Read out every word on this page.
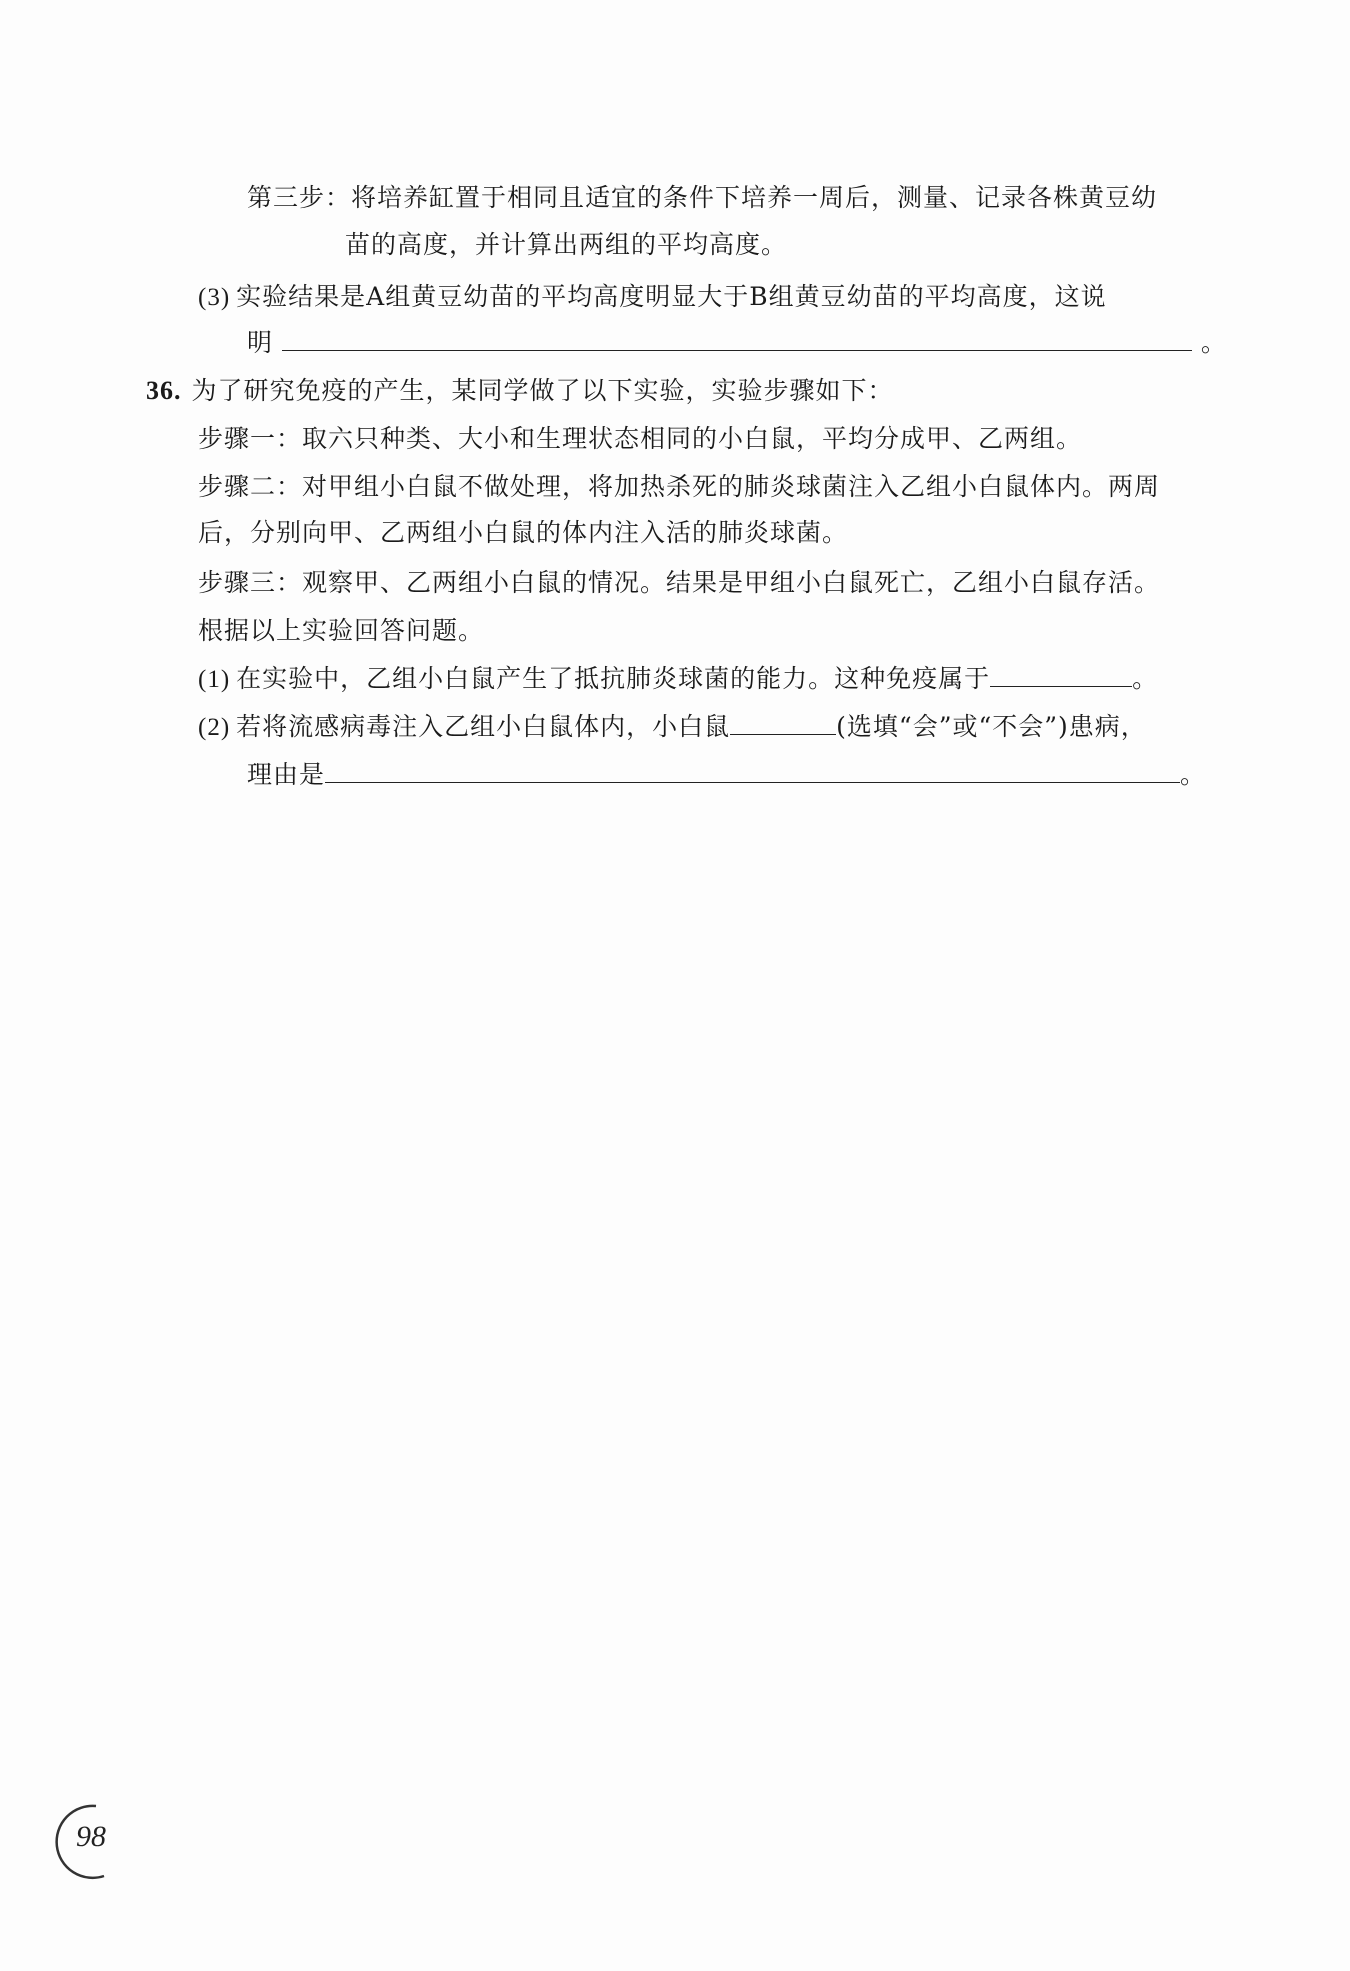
第三步：将培养缸置于相同且适宜的条件下培养一周后，测量、记录各株黄豆幼
苗的高度，并计算出两组的平均高度。
(3) 实验结果是A组黄豆幼苗的平均高度明显大于B组黄豆幼苗的平均高度，这说
明	。
36. 为了研究免疫的产生，某同学做了以下实验，实验步骤如下：
步骤一：取六只种类、大小和生理状态相同的小白鼠，平均分成甲、乙两组。
步骤二：对甲组小白鼠不做处理，将加热杀死的肺炎球菌注入乙组小白鼠体内。两周
后，分别向甲、乙两组小白鼠的体内注入活的肺炎球菌。
步骤三：观察甲、乙两组小白鼠的情况。结果是甲组小白鼠死亡，乙组小白鼠存活。
根据以上实验回答问题。
(1) 在实验中，乙组小白鼠产生了抵抗肺炎球菌的能力。这种免疫属于	。
(2) 若将流感病毒注入乙组小白鼠体内，小白鼠	(选填“会”或“不会”)患病，
理由是	。
98
